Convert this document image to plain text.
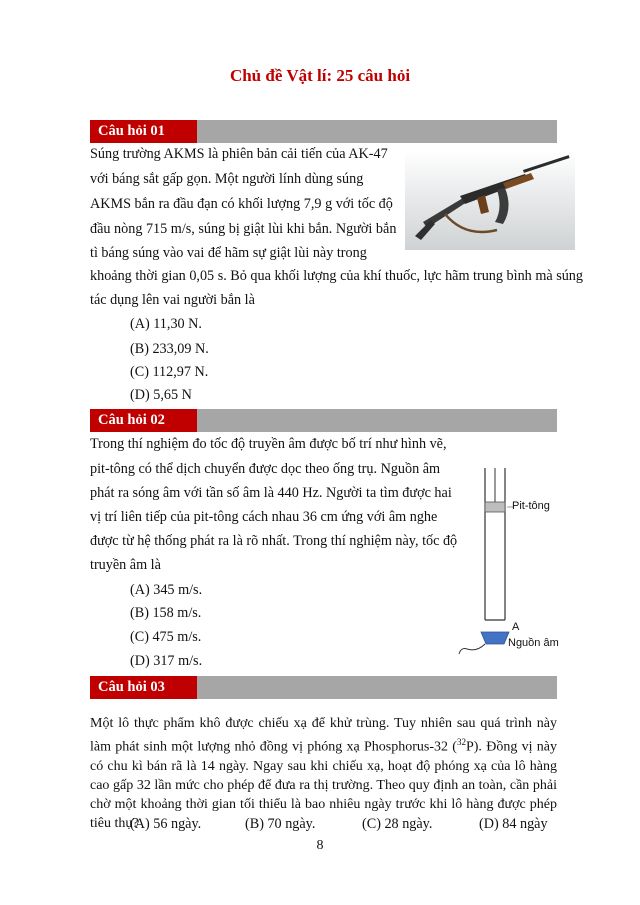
Chủ đề Vật lí: 25 câu hỏi
Câu hỏi 01
Súng trường AKMS là phiên bản cải tiến của AK-47
với báng sắt gấp gọn. Một người lính dùng súng
AKMS bắn ra đầu đạn có khối lượng 7,9 g với tốc độ
đầu nòng 715 m/s, súng bị giật lùi khi bắn. Người bắn
tì báng súng vào vai để hãm sự giật lùi này trong
khoảng thời gian 0,05 s. Bỏ qua khối lượng của khí thuốc, lực hãm trung bình mà súng
tác dụng lên vai người bắn là
(A) 11,30 N.
(B) 233,09 N.
(C) 112,97 N.
(D) 5,65 N
Câu hỏi 02
Trong thí nghiệm đo tốc độ truyền âm được bố trí như hình vẽ,
pit-tông có thể dịch chuyển được dọc theo ống trụ. Nguồn âm
phát ra sóng âm với tần số âm là 440 Hz. Người ta tìm được hai
vị trí liên tiếp của pit-tông cách nhau 36 cm ứng với âm nghe
được từ hệ thống phát ra là rõ nhất. Trong thí nghiệm này, tốc độ
truyền âm là
(A) 345 m/s.
(B) 158 m/s.
(C) 475 m/s.
(D) 317 m/s.
Pit-tông
A
Nguồn âm
Câu hỏi 03
Một lô thực phẩm khô được chiếu xạ để khử trùng. Tuy nhiên sau quá trình này làm phát sinh một lượng nhỏ đồng vị phóng xạ Phosphorus-32 ($^{32}$P). Đồng vị này có chu kì bán rã là 14 ngày. Ngay sau khi chiếu xạ, hoạt độ phóng xạ của lô hàng cao gấp 32 lần mức cho phép để đưa ra thị trường. Theo quy định an toàn, cần phải chờ một khoảng thời gian tối thiểu là bao nhiêu ngày trước khi lô hàng được phép tiêu thụ?
(A) 56 ngày.	(B) 70 ngày.	(C) 28 ngày.	(D) 84 ngày
8
